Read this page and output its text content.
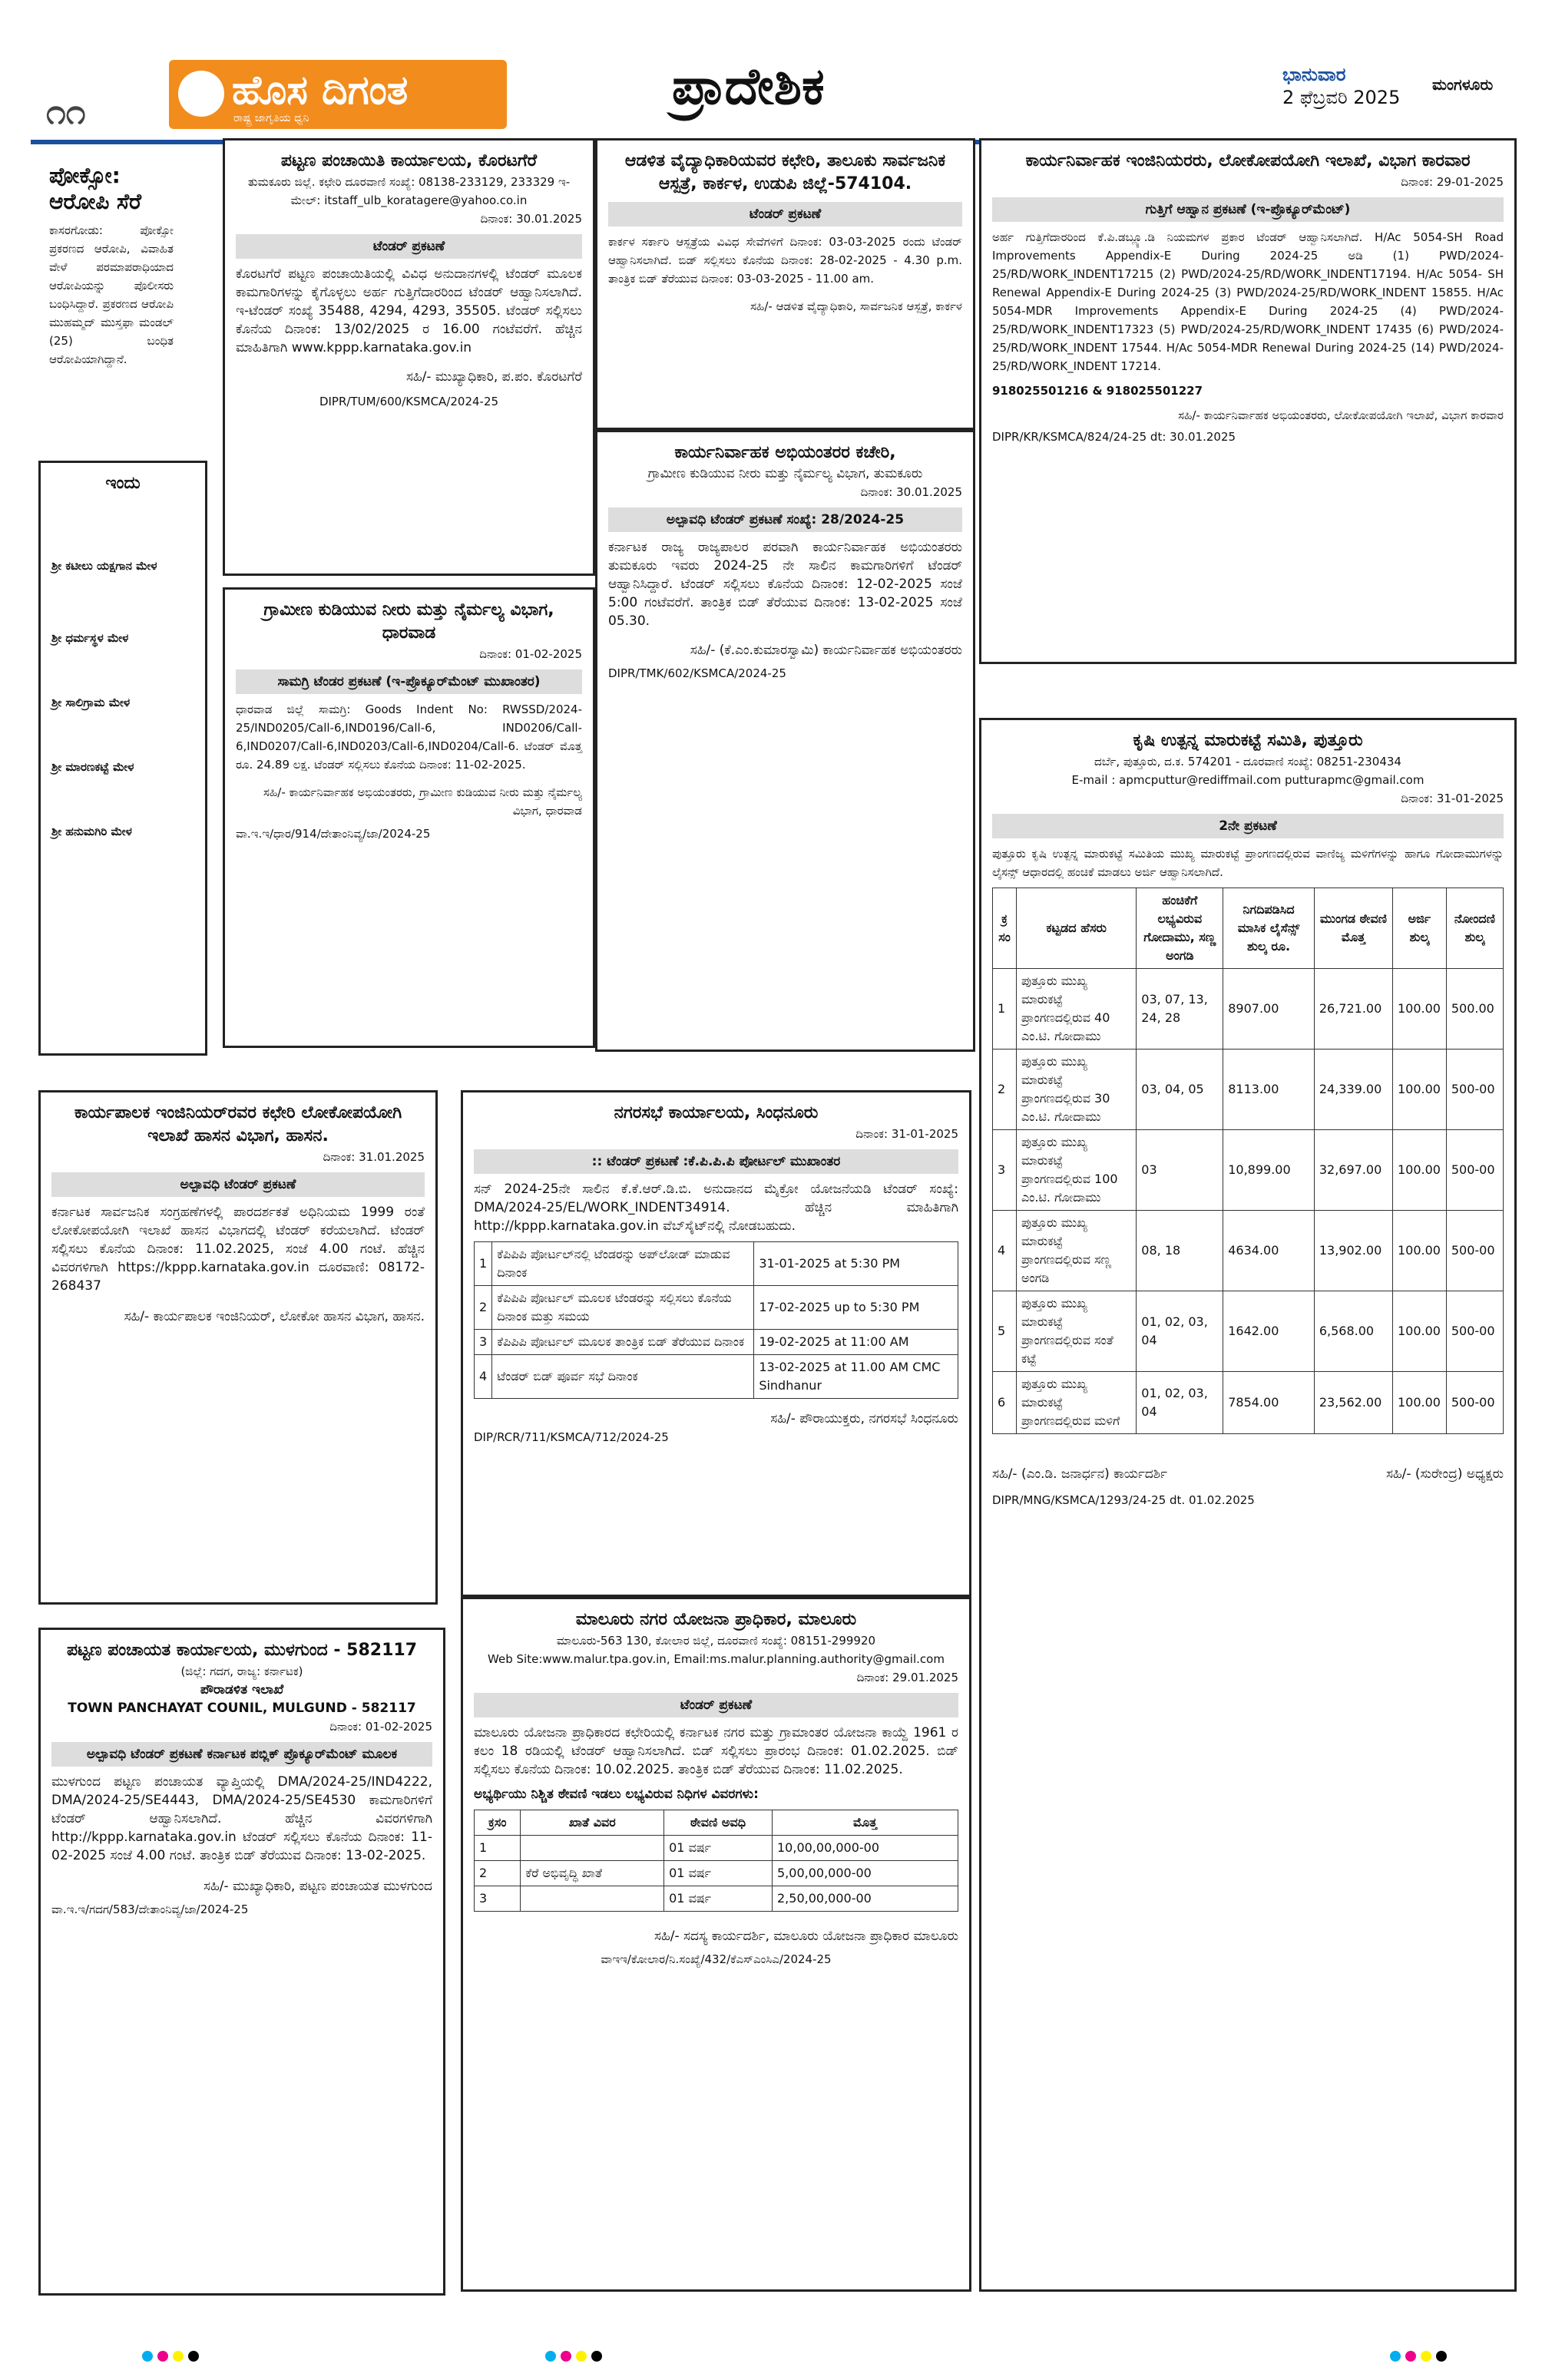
೧೧	ಹೊಸ ದಿಗಂತ
ರಾಷ್ಟ್ರ ಜಾಗೃತಿಯ ಧ್ವನಿ
ಪ್ರಾದೇಶಿಕ	ಭಾನುವಾರ
2 ಫೆಬ್ರವರಿ 2025
ಮಂಗಳೂರು
ಪೋಕ್ಸೋ: ಆರೋಪಿ ಸೆರೆ
ಕಾಸರಗೋಡು: ಪೋಕ್ಸೋ ಪ್ರಕರಣದ ಆರೋಪಿ, ವಿವಾಹಿತ ವೇಳೆ ಪರಮಾಪರಾಧಿಯಾದ ಆರೋಪಿಯನ್ನು ಪೊಲೀಸರು ಬಂಧಿಸಿದ್ದಾರೆ. ಪ್ರಕರಣದ ಆರೋಪಿ ಮುಹಮ್ಮದ್ ಮುಸ್ತಫಾ ಮಂಡಲ್ (25) ಬಂಧಿತ ಆರೋಪಿಯಾಗಿದ್ದಾನೆ.
ಇಂದು
ಶ್ರೀ ಕಟೀಲು ಯಕ್ಷಗಾನ ಮೇಳ
ಶ್ರೀ ಧರ್ಮಸ್ಥಳ ಮೇಳ
ಶ್ರೀ ಸಾಲಿಗ್ರಾಮ ಮೇಳ
ಶ್ರೀ ಮಾರಣಕಟ್ಟೆ ಮೇಳ
ಶ್ರೀ ಹನುಮಗಿರಿ ಮೇಳ
ಪಟ್ಟಣ ಪಂಚಾಯಿತಿ ಕಾರ್ಯಾಲಯ, ಕೊರಟಗೆರೆ
ತುಮಕೂರು ಜಿಲ್ಲೆ. ಕಛೇರಿ ದೂರವಾಣಿ ಸಂಖ್ಯೆ: 08138-233129, 233329 ಇ-ಮೇಲ್: itstaff_ulb_koratagere@yahoo.co.in
ದಿನಾಂಕ: 30.01.2025
ಟೆಂಡರ್ ಪ್ರಕಟಣೆ
ಕೊರಟಗೆರೆ ಪಟ್ಟಣ ಪಂಚಾಯಿತಿಯಲ್ಲಿ ವಿವಿಧ ಅನುದಾನಗಳಲ್ಲಿ ಟೆಂಡರ್ ಮೂಲಕ ಕಾಮಗಾರಿಗಳನ್ನು ಕೈಗೊಳ್ಳಲು ಅರ್ಹ ಗುತ್ತಿಗೆದಾರರಿಂದ ಟೆಂಡರ್ ಆಹ್ವಾನಿಸಲಾಗಿದೆ. ಇ-ಟೆಂಡರ್ ಸಂಖ್ಯೆ 35488, 4294, 4293, 35505. ಟೆಂಡರ್ ಸಲ್ಲಿಸಲು ಕೊನೆಯ ದಿನಾಂಕ: 13/02/2025 ರ 16.00 ಗಂಟೆವರೆಗೆ. ಹೆಚ್ಚಿನ ಮಾಹಿತಿಗಾಗಿ www.kppp.karnataka.gov.in
ಸಹಿ/- ಮುಖ್ಯಾಧಿಕಾರಿ, ಪ.ಪಂ. ಕೊರಟಗೆರೆ
DIPR/TUM/600/KSMCA/2024-25
ಆಡಳಿತ ವೈದ್ಯಾಧಿಕಾರಿಯವರ ಕಛೇರಿ, ತಾಲೂಕು ಸಾರ್ವಜನಿಕ ಆಸ್ಪತ್ರೆ, ಕಾರ್ಕಳ, ಉಡುಪಿ ಜಿಲ್ಲೆ-574104.
ಟೆಂಡರ್ ಪ್ರಕಟಣೆ
ಕಾರ್ಕಳ ಸರ್ಕಾರಿ ಆಸ್ಪತ್ರೆಯ ವಿವಿಧ ಸೇವೆಗಳಿಗೆ ದಿನಾಂಕ: 03-03-2025 ರಂದು ಟೆಂಡರ್ ಆಹ್ವಾನಿಸಲಾಗಿದೆ. ಬಿಡ್ ಸಲ್ಲಿಸಲು ಕೊನೆಯ ದಿನಾಂಕ: 28-02-2025 - 4.30 p.m. ತಾಂತ್ರಿಕ ಬಿಡ್ ತೆರೆಯುವ ದಿನಾಂಕ: 03-03-2025 - 11.00 am.
ಸಹಿ/- ಆಡಳಿತ ವೈದ್ಯಾಧಿಕಾರಿ, ಸಾರ್ವಜನಿಕ ಆಸ್ಪತ್ರೆ, ಕಾರ್ಕಳ
ಕಾರ್ಯನಿರ್ವಾಹಕ ಇಂಜಿನಿಯರರು, ಲೋಕೋಪಯೋಗಿ ಇಲಾಖೆ, ವಿಭಾಗ ಕಾರವಾರ
ದಿನಾಂಕ: 29-01-2025
ಗುತ್ತಿಗೆ ಆಹ್ವಾನ ಪ್ರಕಟಣೆ (ಇ-ಪ್ರೊಕ್ಯೂರ್‌ಮೆಂಟ್)
ಅರ್ಹ ಗುತ್ತಿಗೆದಾರರಿಂದ ಕೆ.ಪಿ.ಡಬ್ಲ್ಯೂ.ಡಿ ನಿಯಮಗಳ ಪ್ರಕಾರ ಟೆಂಡರ್ ಆಹ್ವಾನಿಸಲಾಗಿದೆ. H/Ac 5054-SH Road Improvements Appendix-E During 2024-25 ಅಡಿ (1) PWD/2024-25/RD/WORK_INDENT17215 (2) PWD/2024-25/RD/WORK_INDENT17194. H/Ac 5054- SH Renewal Appendix-E During 2024-25 (3) PWD/2024-25/RD/WORK_INDENT 15855. H/Ac 5054-MDR Improvements Appendix-E During 2024-25 (4) PWD/2024-25/RD/WORK_INDENT17323 (5) PWD/2024-25/RD/WORK_INDENT 17435 (6) PWD/2024-25/RD/WORK_INDENT 17544. H/Ac 5054-MDR Renewal During 2024-25 (14) PWD/2024-25/RD/WORK_INDENT 17214.
918025501216 & 918025501227
ಸಹಿ/- ಕಾರ್ಯನಿರ್ವಾಹಕ ಅಭಿಯಂತರರು, ಲೋಕೋಪಯೋಗಿ ಇಲಾಖೆ, ವಿಭಾಗ ಕಾರವಾರ
DIPR/KR/KSMCA/824/24-25 dt: 30.01.2025
ಗ್ರಾಮೀಣ ಕುಡಿಯುವ ನೀರು ಮತ್ತು ನೈರ್ಮಲ್ಯ ವಿಭಾಗ, ಧಾರವಾಡ
ದಿನಾಂಕ: 01-02-2025
ಸಾಮಗ್ರಿ ಟೆಂಡರ ಪ್ರಕಟಣೆ (ಇ-ಪ್ರೊಕ್ಯೂರ್‌ಮೆಂಟ್ ಮುಖಾಂತರ)
ಧಾರವಾಡ ಜಿಲ್ಲೆ ಸಾಮಗ್ರಿ: Goods Indent No: RWSSD/2024-25/IND0205/Call-6,IND0196/Call-6, IND0206/Call-6,IND0207/Call-6,IND0203/Call-6,IND0204/Call-6. ಟೆಂಡರ್ ಮೊತ್ತ ರೂ. 24.89 ಲಕ್ಷ. ಟೆಂಡರ್ ಸಲ್ಲಿಸಲು ಕೊನೆಯ ದಿನಾಂಕ: 11-02-2025.
ಸಹಿ/- ಕಾರ್ಯನಿರ್ವಾಹಕ ಅಭಿಯಂತರರು, ಗ್ರಾಮೀಣ ಕುಡಿಯುವ ನೀರು ಮತ್ತು ನೈರ್ಮಲ್ಯ ವಿಭಾಗ, ಧಾರವಾಡ
ವಾ.ಇ.ಇ/ಧಾರ/914/ದೇತಾಂನಿವ್ಯ/ಜಾ/2024-25
ಕಾರ್ಯನಿರ್ವಾಹಕ ಅಭಿಯಂತರರ ಕಚೇರಿ,
ಗ್ರಾಮೀಣ ಕುಡಿಯುವ ನೀರು ಮತ್ತು ನೈರ್ಮಲ್ಯ ವಿಭಾಗ, ತುಮಕೂರು
ದಿನಾಂಕ: 30.01.2025
ಅಲ್ಪಾವಧಿ ಟೆಂಡರ್ ಪ್ರಕಟಣೆ ಸಂಖ್ಯೆ: 28/2024-25
ಕರ್ನಾಟಕ ರಾಜ್ಯ ರಾಜ್ಯಪಾಲರ ಪರವಾಗಿ ಕಾರ್ಯನಿರ್ವಾಹಕ ಅಭಿಯಂತರರು ತುಮಕೂರು ಇವರು 2024-25 ನೇ ಸಾಲಿನ ಕಾಮಗಾರಿಗಳಿಗೆ ಟೆಂಡರ್ ಆಹ್ವಾನಿಸಿದ್ದಾರೆ. ಟೆಂಡರ್ ಸಲ್ಲಿಸಲು ಕೊನೆಯ ದಿನಾಂಕ: 12-02-2025 ಸಂಜೆ 5:00 ಗಂಟೆವರೆಗೆ. ತಾಂತ್ರಿಕ ಬಿಡ್ ತೆರೆಯುವ ದಿನಾಂಕ: 13-02-2025 ಸಂಜೆ 05.30.
ಸಹಿ/- (ಕೆ.ಎಂ.ಕುಮಾರಸ್ವಾಮಿ) ಕಾರ್ಯನಿರ್ವಾಹಕ ಅಭಿಯಂತರರು
DIPR/TMK/602/KSMCA/2024-25
ಕೃಷಿ ಉತ್ಪನ್ನ ಮಾರುಕಟ್ಟೆ ಸಮಿತಿ, ಪುತ್ತೂರು
ದರ್ಬೆ, ಪುತ್ತೂರು, ದ.ಕ. 574201 - ದೂರವಾಣಿ ಸಂಖ್ಯೆ: 08251-230434
E-mail : apmcputtur@rediffmail.com putturapmc@gmail.com
ದಿನಾಂಕ: 31-01-2025
2ನೇ ಪ್ರಕಟಣೆ
ಪುತ್ತೂರು ಕೃಷಿ ಉತ್ಪನ್ನ ಮಾರುಕಟ್ಟೆ ಸಮಿತಿಯ ಮುಖ್ಯ ಮಾರುಕಟ್ಟೆ ಪ್ರಾಂಗಣದಲ್ಲಿರುವ ವಾಣಿಜ್ಯ ಮಳಿಗೆಗಳನ್ನು ಹಾಗೂ ಗೋದಾಮುಗಳನ್ನು ಲೈಸನ್ಸ್ ಆಧಾರದಲ್ಲಿ ಹಂಚಿಕೆ ಮಾಡಲು ಅರ್ಜಿ ಆಹ್ವಾನಿಸಲಾಗಿದೆ.
ಕ್ರ ಸಂ	ಕಟ್ಟಡದ ಹೆಸರು	ಹಂಚಿಕೆಗೆ ಲಭ್ಯವಿರುವ ಗೋದಾಮು, ಸಣ್ಣ ಅಂಗಡಿ	ನಿಗದಿಪಡಿಸಿದ ಮಾಸಿಕ ಲೈಸೆನ್ಸ್ ಶುಲ್ಕ ರೂ.	ಮುಂಗಡ ಠೇವಣಿ ಮೊತ್ತ	ಅರ್ಜಿ ಶುಲ್ಕ	ನೋಂದಣಿ ಶುಲ್ಕ
1	ಪುತ್ತೂರು ಮುಖ್ಯ ಮಾರುಕಟ್ಟೆ ಪ್ರಾಂಗಣದಲ್ಲಿರುವ 40 ಎಂ.ಟಿ. ಗೋದಾಮು	03, 07, 13, 24, 28	8907.00	26,721.00	100.00	500.00
2	ಪುತ್ತೂರು ಮುಖ್ಯ ಮಾರುಕಟ್ಟೆ ಪ್ರಾಂಗಣದಲ್ಲಿರುವ 30 ಎಂ.ಟಿ. ಗೋದಾಮು	03, 04, 05	8113.00	24,339.00	100.00	500-00
3	ಪುತ್ತೂರು ಮುಖ್ಯ ಮಾರುಕಟ್ಟೆ ಪ್ರಾಂಗಣದಲ್ಲಿರುವ 100 ಎಂ.ಟಿ. ಗೋದಾಮು	03	10,899.00	32,697.00	100.00	500-00
4	ಪುತ್ತೂರು ಮುಖ್ಯ ಮಾರುಕಟ್ಟೆ ಪ್ರಾಂಗಣದಲ್ಲಿರುವ ಸಣ್ಣ ಅಂಗಡಿ	08, 18	4634.00	13,902.00	100.00	500-00
5	ಪುತ್ತೂರು ಮುಖ್ಯ ಮಾರುಕಟ್ಟೆ ಪ್ರಾಂಗಣದಲ್ಲಿರುವ ಸಂತೆ ಕಟ್ಟೆ	01, 02, 03, 04	1642.00	6,568.00	100.00	500-00
6	ಪುತ್ತೂರು ಮುಖ್ಯ ಮಾರುಕಟ್ಟೆ ಪ್ರಾಂಗಣದಲ್ಲಿರುವ ಮಳಿಗೆ	01, 02, 03, 04	7854.00	23,562.00	100.00	500-00
ಸಹಿ/- (ಎಂ.ಡಿ. ಜನಾರ್ಧನ) ಕಾರ್ಯದರ್ಶಿ	ಸಹಿ/- (ಸುರೇಂದ್ರ) ಅಧ್ಯಕ್ಷರು
DIPR/MNG/KSMCA/1293/24-25 dt. 01.02.2025
ಕಾರ್ಯಪಾಲಕ ಇಂಜಿನಿಯರ್‌ರವರ ಕಛೇರಿ ಲೋಕೋಪಯೋಗಿ ಇಲಾಖೆ ಹಾಸನ ವಿಭಾಗ, ಹಾಸನ.
ದಿನಾಂಕ: 31.01.2025
ಅಲ್ಪಾವಧಿ ಟೆಂಡರ್ ಪ್ರಕಟಣೆ
ಕರ್ನಾಟಕ ಸಾರ್ವಜನಿಕ ಸಂಗ್ರಹಣೆಗಳಲ್ಲಿ ಪಾರದರ್ಶಕತೆ ಅಧಿನಿಯಮ 1999 ರಂತೆ ಲೋಕೋಪಯೋಗಿ ಇಲಾಖೆ ಹಾಸನ ವಿಭಾಗದಲ್ಲಿ ಟೆಂಡರ್ ಕರೆಯಲಾಗಿದೆ. ಟೆಂಡರ್ ಸಲ್ಲಿಸಲು ಕೊನೆಯ ದಿನಾಂಕ: 11.02.2025, ಸಂಜೆ 4.00 ಗಂಟೆ. ಹೆಚ್ಚಿನ ವಿವರಗಳಿಗಾಗಿ https://kppp.karnataka.gov.in ದೂರವಾಣಿ: 08172-268437
ಸಹಿ/- ಕಾರ್ಯಪಾಲಕ ಇಂಜಿನಿಯರ್, ಲೋಕೋ ಹಾಸನ ವಿಭಾಗ, ಹಾಸನ.
ನಗರಸಭೆ ಕಾರ್ಯಾಲಯ, ಸಿಂಧನೂರು
ದಿನಾಂಕ: 31-01-2025
:: ಟೆಂಡರ್ ಪ್ರಕಟಣೆ :ಕೆ.ಪಿ.ಪಿ.ಪಿ ಪೋರ್ಟಲ್ ಮುಖಾಂತರ
ಸನ್ 2024-25ನೇ ಸಾಲಿನ ಕೆ.ಕೆ.ಆರ್.ಡಿ.ಬಿ. ಅನುದಾನದ ಮೈಕ್ರೋ ಯೋಜನೆಯಡಿ ಟೆಂಡರ್ ಸಂಖ್ಯೆ: DMA/2024-25/EL/WORK_INDENT34914. ಹೆಚ್ಚಿನ ಮಾಹಿತಿಗಾಗಿ http://kppp.karnataka.gov.in ವೆಬ್‌ಸೈಟ್‌ನಲ್ಲಿ ನೋಡಬಹುದು.
1	ಕೆಪಿಪಿಪಿ ಪೋರ್ಟಲ್‌ನಲ್ಲಿ ಟೆಂಡರನ್ನು ಅಪ್‌ಲೋಡ್ ಮಾಡುವ ದಿನಾಂಕ	31-01-2025 at 5:30 PM
2	ಕೆಪಿಪಿಪಿ ಪೋರ್ಟಲ್ ಮೂಲಕ ಟೆಂಡರನ್ನು ಸಲ್ಲಿಸಲು ಕೊನೆಯ ದಿನಾಂಕ ಮತ್ತು ಸಮಯ	17-02-2025 up to 5:30 PM
3	ಕೆಪಿಪಿಪಿ ಪೋರ್ಟಲ್ ಮೂಲಕ ತಾಂತ್ರಿಕ ಬಿಡ್ ತೆರೆಯುವ ದಿನಾಂಕ	19-02-2025 at 11:00 AM
4	ಟೆಂಡರ್ ಬಿಡ್ ಪೂರ್ವ ಸಭೆ ದಿನಾಂಕ	13-02-2025 at 11.00 AM CMC Sindhanur
ಸಹಿ/- ಪೌರಾಯುಕ್ತರು, ನಗರಸಭೆ ಸಿಂಧನೂರು
DIP/RCR/711/KSMCA/712/2024-25
ಪಟ್ಟಣ ಪಂಚಾಯತ ಕಾರ್ಯಾಲಯ, ಮುಳಗುಂದ - 582117
(ಜಿಲ್ಲೆ: ಗದಗ, ರಾಜ್ಯ: ಕರ್ನಾಟಕ)
ಪೌರಾಡಳಿತ ಇಲಾಖೆ
TOWN PANCHAYAT COUNIL, MULGUND - 582117
ದಿನಾಂಕ: 01-02-2025
ಅಲ್ಪಾವಧಿ ಟೆಂಡರ್ ಪ್ರಕಟಣೆ ಕರ್ನಾಟಕ ಪಬ್ಲಿಕ್ ಪ್ರೊಕ್ಯೂರ್‌ಮೆಂಟ್ ಮೂಲಕ
ಮುಳಗುಂದ ಪಟ್ಟಣ ಪಂಚಾಯತ ವ್ಯಾಪ್ತಿಯಲ್ಲಿ DMA/2024-25/IND4222, DMA/2024-25/SE4443, DMA/2024-25/SE4530 ಕಾಮಗಾರಿಗಳಿಗೆ ಟೆಂಡರ್ ಆಹ್ವಾನಿಸಲಾಗಿದೆ. ಹೆಚ್ಚಿನ ವಿವರಗಳಿಗಾಗಿ http://kppp.karnataka.gov.in ಟೆಂಡರ್ ಸಲ್ಲಿಸಲು ಕೊನೆಯ ದಿನಾಂಕ: 11-02-2025 ಸಂಜೆ 4.00 ಗಂಟೆ. ತಾಂತ್ರಿಕ ಬಿಡ್ ತೆರೆಯುವ ದಿನಾಂಕ: 13-02-2025.
ಸಹಿ/- ಮುಖ್ಯಾಧಿಕಾರಿ, ಪಟ್ಟಣ ಪಂಚಾಯತ ಮುಳಗುಂದ
ವಾ.ಇ.ಇ/ಗದಗ/583/ದೇತಾಂನಿವ್ಯ/ಜಾ/2024-25
ಮಾಲೂರು ನಗರ ಯೋಜನಾ ಪ್ರಾಧಿಕಾರ, ಮಾಲೂರು
ಮಾಲೂರು-563 130, ಕೋಲಾರ ಜಿಲ್ಲೆ, ದೂರವಾಣಿ ಸಂಖ್ಯೆ: 08151-299920
Web Site:www.malur.tpa.gov.in, Email:ms.malur.planning.authority@gmail.com
ದಿನಾಂಕ: 29.01.2025
ಟೆಂಡರ್ ಪ್ರಕಟಣೆ
ಮಾಲೂರು ಯೋಜನಾ ಪ್ರಾಧಿಕಾರದ ಕಛೇರಿಯಲ್ಲಿ ಕರ್ನಾಟಕ ನಗರ ಮತ್ತು ಗ್ರಾಮಾಂತರ ಯೋಜನಾ ಕಾಯ್ದೆ 1961 ರ ಕಲಂ 18 ರಡಿಯಲ್ಲಿ ಟೆಂಡರ್ ಆಹ್ವಾನಿಸಲಾಗಿದೆ. ಬಿಡ್ ಸಲ್ಲಿಸಲು ಪ್ರಾರಂಭ ದಿನಾಂಕ: 01.02.2025. ಬಿಡ್ ಸಲ್ಲಿಸಲು ಕೊನೆಯ ದಿನಾಂಕ: 10.02.2025. ತಾಂತ್ರಿಕ ಬಿಡ್ ತೆರೆಯುವ ದಿನಾಂಕ: 11.02.2025.
ಅಭ್ಯರ್ಥಿಯು ನಿಶ್ಚಿತ ಠೇವಣಿ ಇಡಲು ಲಭ್ಯವಿರುವ ನಿಧಿಗಳ ವಿವರಗಳು:
ಕ್ರಸಂ	ಖಾತೆ ವಿವರ	ಠೇವಣಿ ಅವಧಿ	ಮೊತ್ತ
1		01 ವರ್ಷ	10,00,00,000-00
2	ಕೆರೆ ಅಭಿವೃದ್ಧಿ ಖಾತೆ	01 ವರ್ಷ	5,00,00,000-00
3		01 ವರ್ಷ	2,50,00,000-00
ಸಹಿ/- ಸದಸ್ಯ ಕಾರ್ಯದರ್ಶಿ, ಮಾಲೂರು ಯೋಜನಾ ಪ್ರಾಧಿಕಾರ ಮಾಲೂರು
ವಾಇಇ/ಕೋಲಾರ/ನಿ.ಸಂಖ್ಯೆ/432/ಕೆಎಸ್‌ಎಂಸಿಎ/2024-25
